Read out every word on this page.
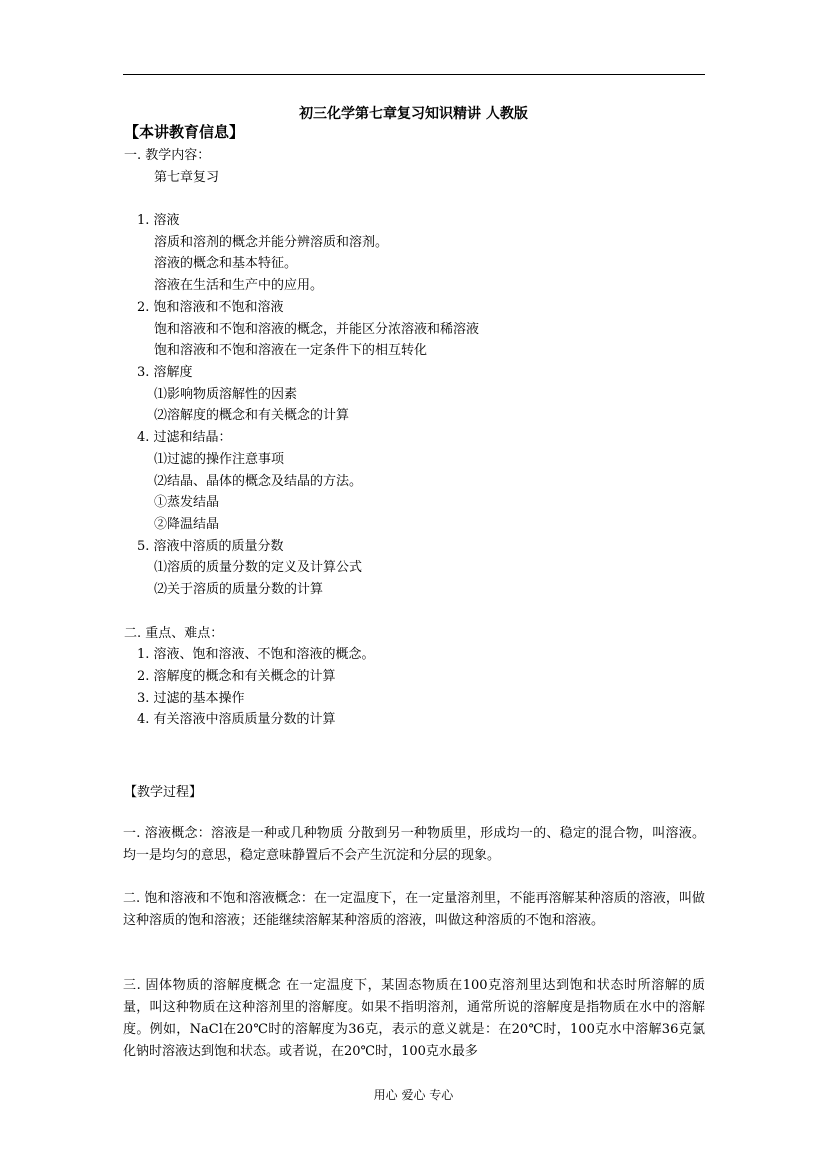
初三化学第七章复习知识精讲 人教版
【本讲教育信息】
一. 教学内容：
第七章复习
1. 溶液
溶质和溶剂的概念并能分辨溶质和溶剂。
溶液的概念和基本特征。
溶液在生活和生产中的应用。
2. 饱和溶液和不饱和溶液
饱和溶液和不饱和溶液的概念，并能区分浓溶液和稀溶液
饱和溶液和不饱和溶液在一定条件下的相互转化
3. 溶解度
⑴影响物质溶解性的因素
⑵溶解度的概念和有关概念的计算
4. 过滤和结晶：
⑴过滤的操作注意事项
⑵结晶、晶体的概念及结晶的方法。
①蒸发结晶
②降温结晶
5. 溶液中溶质的质量分数
⑴溶质的质量分数的定义及计算公式
⑵关于溶质的质量分数的计算
二. 重点、难点：
1. 溶液、饱和溶液、不饱和溶液的概念。
2. 溶解度的概念和有关概念的计算
3. 过滤的基本操作
4. 有关溶液中溶质质量分数的计算
【教学过程】
一. 溶液概念：溶液是一种或几种物质 分散到另一种物质里，形成均一的、稳定的混合物，叫溶液。均一是均匀的意思，稳定意味静置后不会产生沉淀和分层的现象。
二. 饱和溶液和不饱和溶液概念：在一定温度下，在一定量溶剂里，不能再溶解某种溶质的溶液，叫做这种溶质的饱和溶液；还能继续溶解某种溶质的溶液，叫做这种溶质的不饱和溶液。
三. 固体物质的溶解度概念 在一定温度下，某固态物质在100克溶剂里达到饱和状态时所溶解的质量，叫这种物质在这种溶剂里的溶解度。如果不指明溶剂，通常所说的溶解度是指物质在水中的溶解度。例如，NaCl在20℃时的溶解度为36克，表示的意义就是：在20℃时，100克水中溶解36克氯化钠时溶液达到饱和状态。或者说，在20℃时，100克水最多
用心 爱心 专心
